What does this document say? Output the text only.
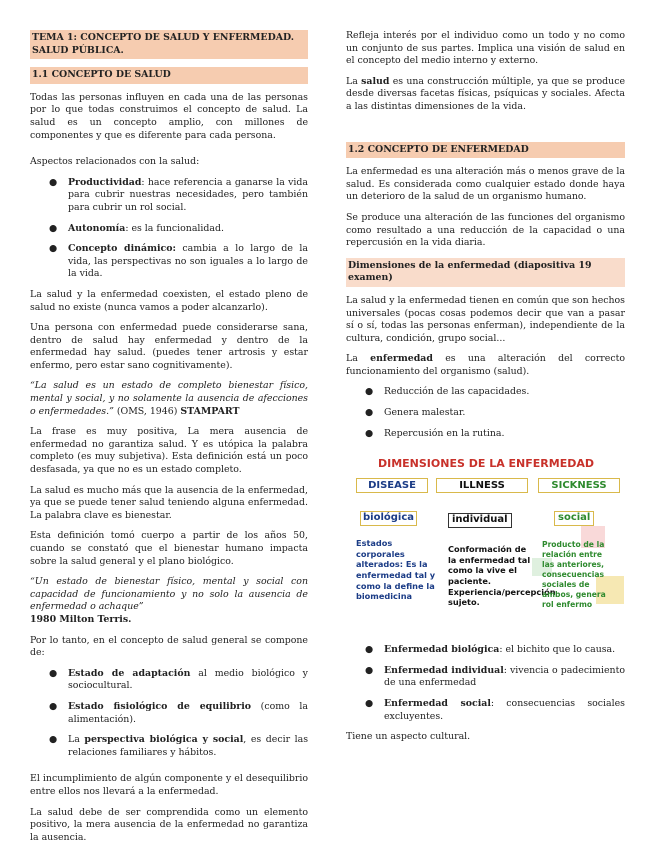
TEMA 1: CONCEPTO DE SALUD Y ENFERMEDAD. SALUD PÚBLICA.
1.1 CONCEPTO DE SALUD

Todas las personas influyen en cada una de las personas por lo que todas construimos el concepto de salud. La salud es un concepto amplio, con millones de componentes y que es diferente para cada persona.

Aspectos relacionados con la salud:

● Productividad: hace referencia a ganarse la vida para cubrir nuestras necesidades, pero también para cubrir un rol social.
● Autonomía: es la funcionalidad.
● Concepto dinámico: cambia a lo largo de la vida, las perspectivas no son iguales a lo largo de la vida.

La salud y la enfermedad coexisten, el estado pleno de salud no existe (nunca vamos a poder alcanzarlo).

Una persona con enfermedad puede considerarse sana, dentro de salud hay enfermedad y dentro de la enfermedad hay salud. (puedes tener artrosis y estar enfermo, pero estar sano cognitivamente).

“La salud es un estado de completo bienestar físico, mental y social, y no solamente la ausencia de afecciones o enfermedades.” (OMS, 1946) STAMPART

La frase es muy positiva, La mera ausencia de enfermedad no garantiza salud. Y es utópica la palabra completo (es muy subjetiva). Esta definición está un poco desfasada, ya que no es un estado completo.

La salud es mucho más que la ausencia de la enfermedad, ya que se puede tener salud teniendo alguna enfermedad. La palabra clave es bienestar.

Esta definición tomó cuerpo a partir de los años 50, cuando se constató que el bienestar humano impacta sobre la salud general y el plano biológico.

“Un estado de bienestar físico, mental y social con capacidad de funcionamiento y no solo la ausencia de enfermedad o achaque”
1980 Milton Terris.

Por lo tanto, en el concepto de salud general se compone de:

● Estado de adaptación al medio biológico y sociocultural.
● Estado fisiológico de equilibrio (como la alimentación).
● La perspectiva biológica y social, es decir las relaciones familiares y hábitos.

El incumplimiento de algún componente y el desequilibrio entre ellos nos llevará a la enfermedad.

La salud debe de ser comprendida como un elemento positivo, la mera ausencia de la enfermedad no garantiza la ausencia.

Refleja interés por el individuo como un todo y no como un conjunto de sus partes. Implica una visión de salud en el concepto del medio interno y externo.

La salud es una construcción múltiple, ya que se produce desde diversas facetas físicas, psíquicas y sociales. Afecta a las distintas dimensiones de la vida.

1.2 CONCEPTO DE ENFERMEDAD

La enfermedad es una alteración más o menos grave de la salud. Es considerada como cualquier estado donde haya un deterioro de la salud de un organismo humano.

Se produce una alteración de las funciones del organismo como resultado a una reducción de la capacidad o una repercusión en la vida diaria.

Dimensiones de la enfermedad (diapositiva 19 examen)

La salud y la enfermedad tienen en común que son hechos universales (pocas cosas podemos decir que van a pasar sí o sí, todas las personas enferman), independiente de la cultura, condición, grupo social...

La enfermedad es una alteración del correcto funcionamiento del organismo (salud).

● Reducción de las capacidades.
● Genera malestar.
● Repercusión en la rutina.
DIMENSIONES DE LA ENFERMEDAD
DISEASE	ILLNESS	SICKNESS
biológica	individual	social
Estados corporales alterados: Es la enfermedad tal y como la define la biomedicina
Conformación de la enfermedad tal como la vive el paciente. Experiencia/percepción sujeto.
Producto de la relación entre las anteriores, consecuencias sociales de ambos, genera rol enfermo
● Enfermedad biológica: el bichito que lo causa.
● Enfermedad individual: vivencia o padecimiento de una enfermedad
● Enfermedad social: consecuencias sociales excluyentes.

Tiene un aspecto cultural.
